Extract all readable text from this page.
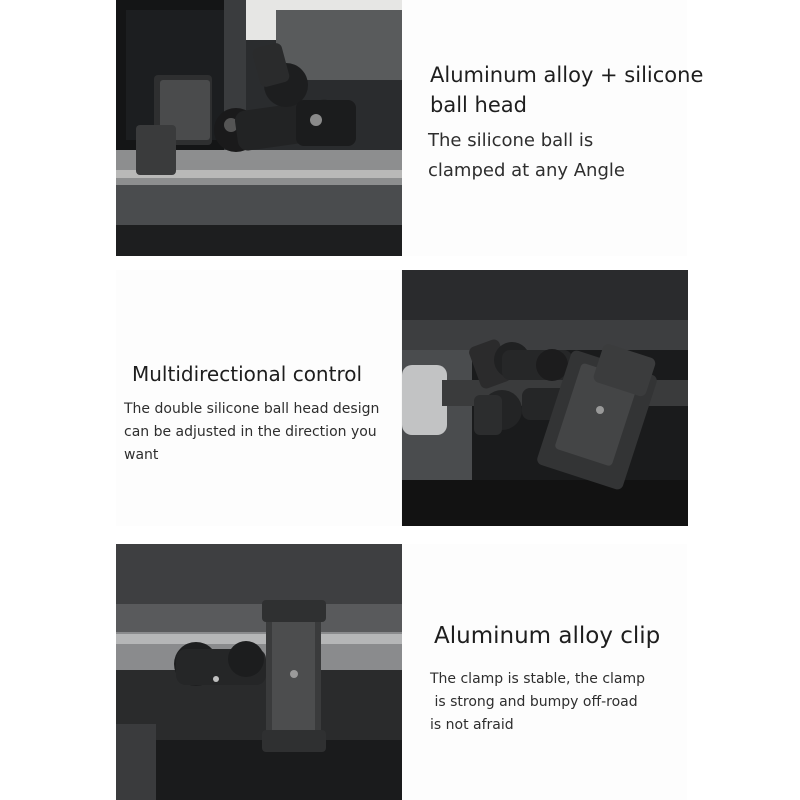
Aluminum alloy + silicone
ball head

The silicone ball is
clamped at any Angle

Multidirectional control

The double silicone ball head design
can be adjusted in the direction you
want

Aluminum alloy clip

The clamp is stable, the clamp
is strong and bumpy off-road
is not afraid
